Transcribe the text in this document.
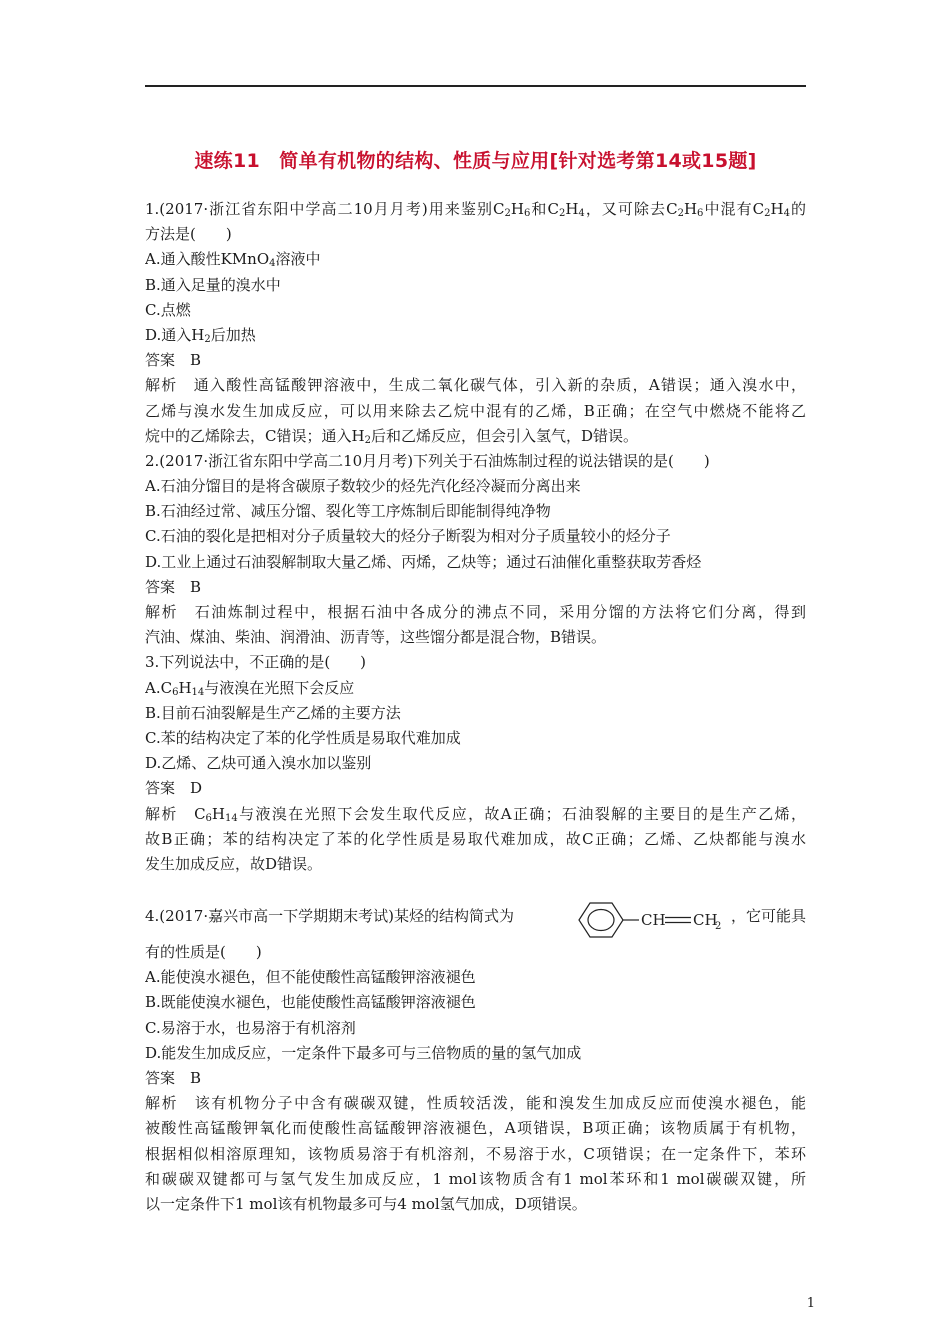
速练11　简单有机物的结构、性质与应用[针对选考第14或15题]
1.(2017·浙江省东阳中学高二10月月考)用来鉴别$C_2H_6$和$C_2H_4$，又可除去$C_2H_6$中混有$C_2H_4$的
方法是(　　)
A.通入酸性KMnO$_4$溶液中
B.通入足量的溴水中
C.点燃
D.通入$H_2$后加热
答案　B
解析　通入酸性高锰酸钾溶液中，生成二氧化碳气体，引入新的杂质，A错误；通入溴水中，
乙烯与溴水发生加成反应，可以用来除去乙烷中混有的乙烯，B正确；在空气中燃烧不能将乙
烷中的乙烯除去，C错误；通入$H_2$后和乙烯反应，但会引入氢气，D错误。
2.(2017·浙江省东阳中学高二10月月考)下列关于石油炼制过程的说法错误的是(　　)
A.石油分馏目的是将含碳原子数较少的烃先汽化经冷凝而分离出来
B.石油经过常、减压分馏、裂化等工序炼制后即能制得纯净物
C.石油的裂化是把相对分子质量较大的烃分子断裂为相对分子质量较小的烃分子
D.工业上通过石油裂解制取大量乙烯、丙烯，乙炔等；通过石油催化重整获取芳香烃
答案　B
解析　石油炼制过程中，根据石油中各成分的沸点不同，采用分馏的方法将它们分离，得到
汽油、煤油、柴油、润滑油、沥青等，这些馏分都是混合物，B错误。
3.下列说法中，不正确的是(　　)
$A.C_6H_{14}$与液溴在光照下会反应
B.目前石油裂解是生产乙烯的主要方法
C.苯的结构决定了苯的化学性质是易取代难加成
D.乙烯、乙炔可通入溴水加以鉴别
答案　D
解析　$C_6H_{14}$与液溴在光照下会发生取代反应，故A正确；石油裂解的主要目的是生产乙烯，
故B正确；苯的结构决定了苯的化学性质是易取代难加成，故C正确；乙烯、乙炔都能与溴水
发生加成反应，故D错误。
4.(2017·嘉兴市高一下学期期末考试)某烃的结构简式为	CH CH
2
，它可能具
有的性质是(　　)
A.能使溴水褪色，但不能使酸性高锰酸钾溶液褪色
B.既能使溴水褪色，也能使酸性高锰酸钾溶液褪色
C.易溶于水，也易溶于有机溶剂
D.能发生加成反应，一定条件下最多可与三倍物质的量的氢气加成
答案　B
解析　该有机物分子中含有碳碳双键，性质较活泼，能和溴发生加成反应而使溴水褪色，能
被酸性高锰酸钾氧化而使酸性高锰酸钾溶液褪色，A项错误，B项正确；该物质属于有机物，
根据相似相溶原理知，该物质易溶于有机溶剂，不易溶于水，C项错误；在一定条件下，苯环
和碳碳双键都可与氢气发生加成反应，1 mol该物质含有1 mol苯环和1 mol碳碳双键，所
以一定条件下1 mol该有机物最多可与4 mol氢气加成，D项错误。
1
